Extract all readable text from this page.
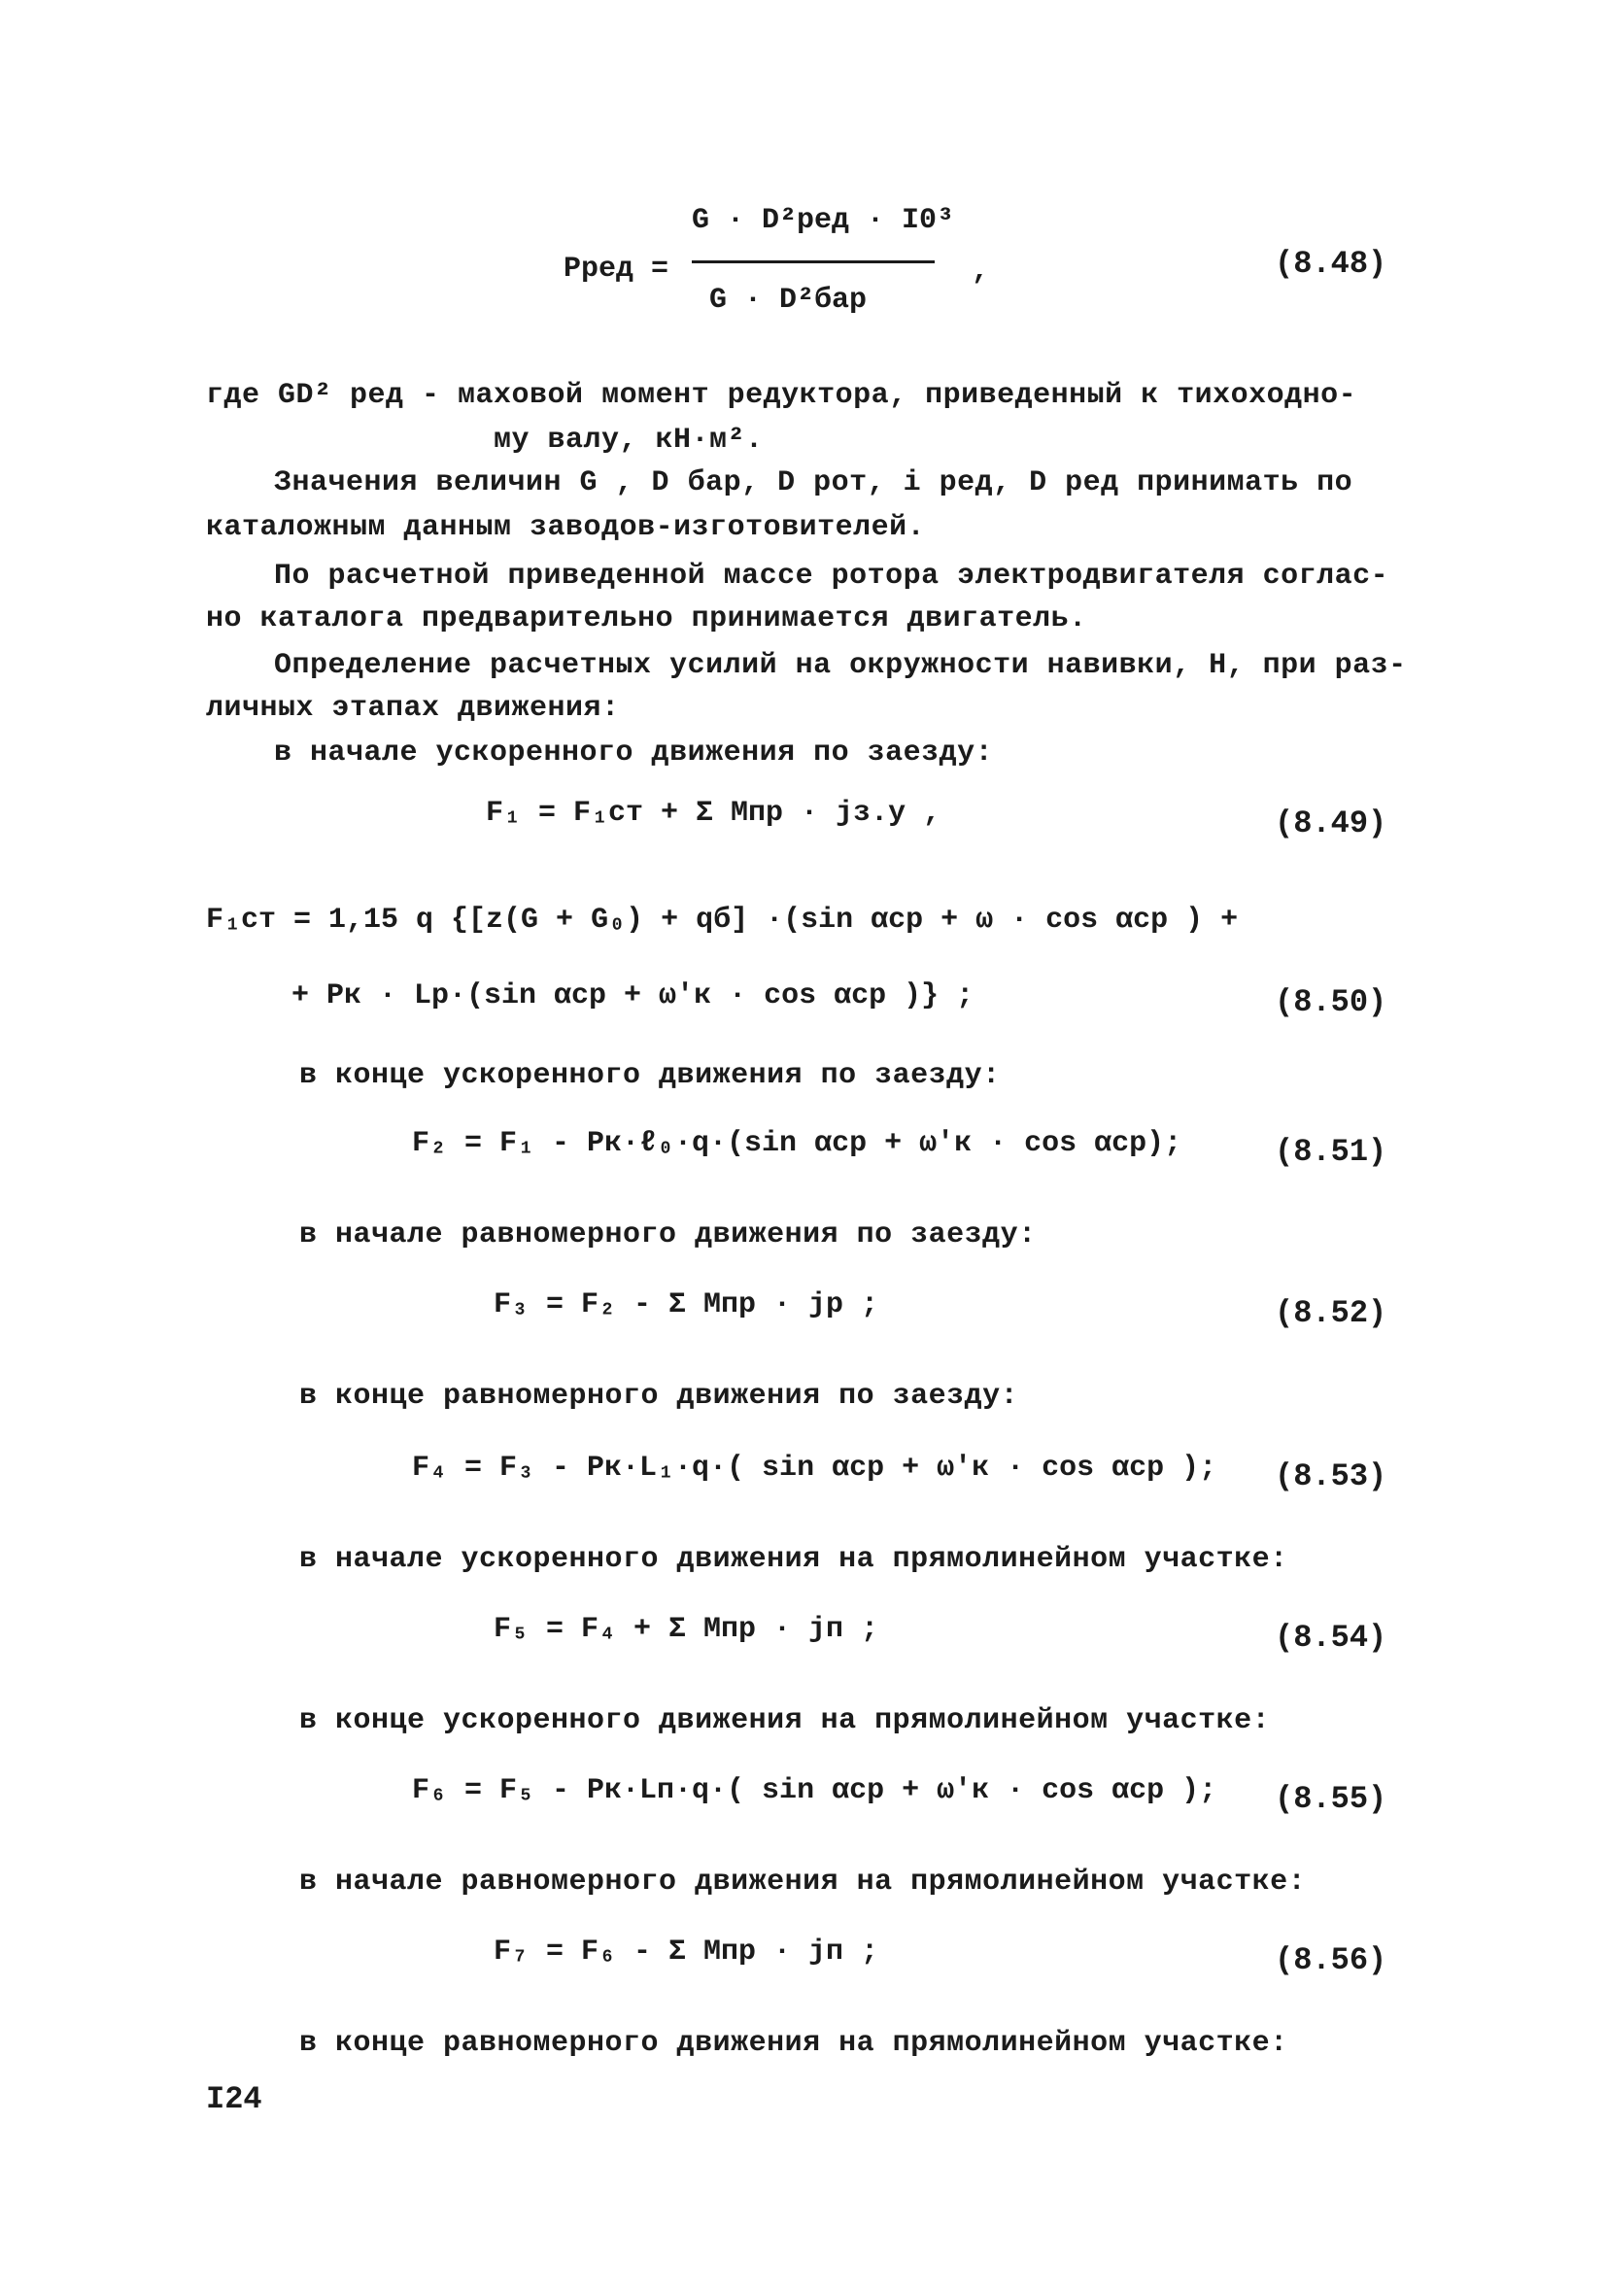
Pред =
G · D²ред · I0³
G · D²бар
,	(8.48)
где GD² ред - маховой момент редуктора, приведенный к тихоходно-
му валу, кН·м².
Значения величин G , D бар, D рот, i ред, D ред принимать по
каталожным данным заводов-изготовителей.
По расчетной приведенной массе ротора электродвигателя соглас-
но каталога предварительно принимается двигатель.
Определение расчетных усилий на окружности навивки, Н, при раз-
личных этапах движения:
в начале ускоренного движения по заезду:
F₁ = F₁ст + Σ Mпр · jз.у ,	(8.49)
F₁ст = 1,15 q {[z(G + G₀) + qб] ·(sin αср + ω · cos αср ) +
+ Pк · Lр·(sin αср + ω'к · cos αср )} ;	(8.50)
в конце ускоренного движения по заезду:
F₂ = F₁ - Pк·ℓ₀·q·(sin αср + ω'к · cos αср);	(8.51)
в начале равномерного движения по заезду:
F₃ = F₂ - Σ Mпр · jр ;	(8.52)
в конце равномерного движения по заезду:
F₄ = F₃ - Pк·L₁·q·( sin αср + ω'к · cos αср ); (8.53)
в начале ускоренного движения на прямолинейном участке:
F₅ = F₄ + Σ Mпр · jп ;	(8.54)
в конце ускоренного движения на прямолинейном участке:
F₆ = F₅ - Pк·Lп·q·( sin αср + ω'к · cos αср ); (8.55)
в начале равномерного движения на прямолинейном участке:
F₇ = F₆ - Σ Mпр · jп ;	(8.56)
в конце равномерного движения на прямолинейном участке:
I24
